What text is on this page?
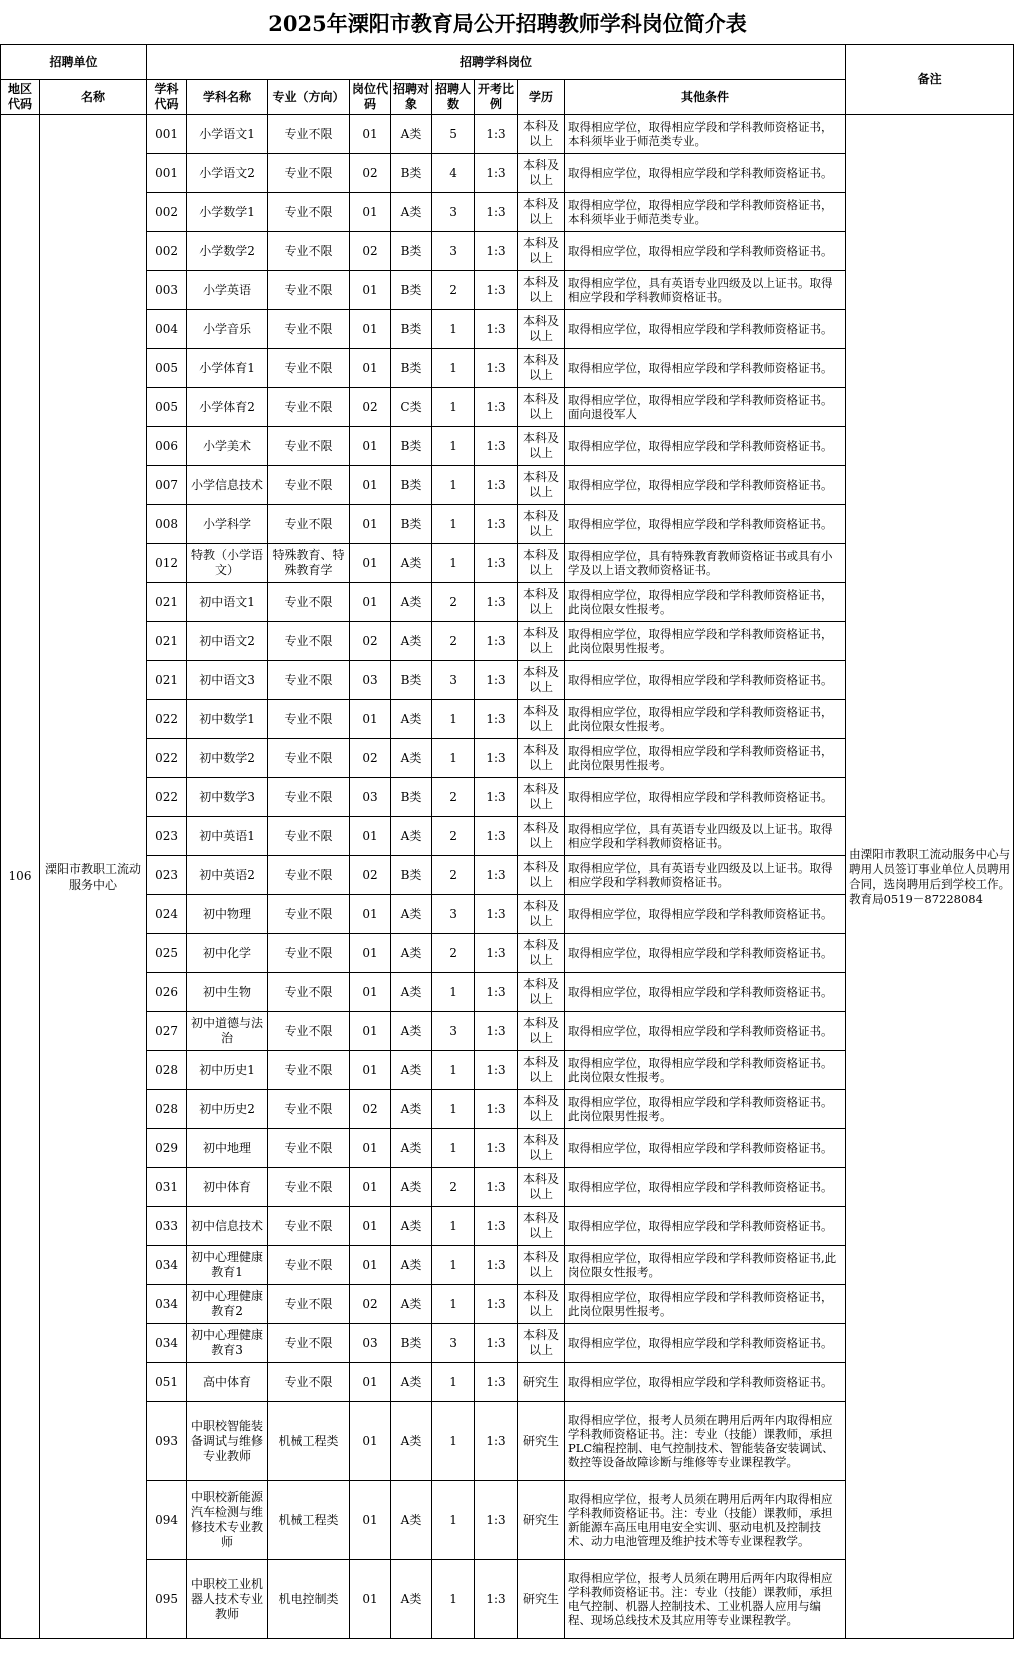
2025年溧阳市教育局公开招聘教师学科岗位简介表
招聘单位		招聘学科岗位									备注
地区代码	名称	学科代码	学科名称	专业（方向）	岗位代码	招聘对象	招聘人数	开考比例	学历	其他条件	
106	溧阳市教职工流动服务中心	001	小学语文1	专业不限	01	A类	5	1:3	本科及以上	取得相应学位，取得相应学段和学科教师资格证书，本科须毕业于师范类专业。	由溧阳市教职工流动服务中心与聘用人员签订事业单位人员聘用合同，选岗聘用后到学校工作。教育局0519－87228084
		001	小学语文2	专业不限	02	B类	4	1:3	本科及以上	取得相应学位，取得相应学段和学科教师资格证书。	
		002	小学数学1	专业不限	01	A类	3	1:3	本科及以上	取得相应学位，取得相应学段和学科教师资格证书，本科须毕业于师范类专业。	
		002	小学数学2	专业不限	02	B类	3	1:3	本科及以上	取得相应学位，取得相应学段和学科教师资格证书。	
		003	小学英语	专业不限	01	B类	2	1:3	本科及以上	取得相应学位，具有英语专业四级及以上证书。取得相应学段和学科教师资格证书。	
		004	小学音乐	专业不限	01	B类	1	1:3	本科及以上	取得相应学位，取得相应学段和学科教师资格证书。	
		005	小学体育1	专业不限	01	B类	1	1:3	本科及以上	取得相应学位，取得相应学段和学科教师资格证书。	
		005	小学体育2	专业不限	02	C类	1	1:3	本科及以上	取得相应学位，取得相应学段和学科教师资格证书。面向退役军人	
		006	小学美术	专业不限	01	B类	1	1:3	本科及以上	取得相应学位，取得相应学段和学科教师资格证书。	
		007	小学信息技术	专业不限	01	B类	1	1:3	本科及以上	取得相应学位，取得相应学段和学科教师资格证书。	
		008	小学科学	专业不限	01	B类	1	1:3	本科及以上	取得相应学位，取得相应学段和学科教师资格证书。	
		012	特教（小学语文）	特殊教育、特殊教育学	01	A类	1	1:3	本科及以上	取得相应学位，具有特殊教育教师资格证书或具有小学及以上语文教师资格证书。	
		021	初中语文1	专业不限	01	A类	2	1:3	本科及以上	取得相应学位，取得相应学段和学科教师资格证书，此岗位限女性报考。	
		021	初中语文2	专业不限	02	A类	2	1:3	本科及以上	取得相应学位，取得相应学段和学科教师资格证书，此岗位限男性报考。	
		021	初中语文3	专业不限	03	B类	3	1:3	本科及以上	取得相应学位，取得相应学段和学科教师资格证书。	
		022	初中数学1	专业不限	01	A类	1	1:3	本科及以上	取得相应学位，取得相应学段和学科教师资格证书，此岗位限女性报考。	
		022	初中数学2	专业不限	02	A类	1	1:3	本科及以上	取得相应学位，取得相应学段和学科教师资格证书，此岗位限男性报考。	
		022	初中数学3	专业不限	03	B类	2	1:3	本科及以上	取得相应学位，取得相应学段和学科教师资格证书。	
		023	初中英语1	专业不限	01	A类	2	1:3	本科及以上	取得相应学位，具有英语专业四级及以上证书。取得相应学段和学科教师资格证书。	
		023	初中英语2	专业不限	02	B类	2	1:3	本科及以上	取得相应学位，具有英语专业四级及以上证书。取得相应学段和学科教师资格证书。	
		024	初中物理	专业不限	01	A类	3	1:3	本科及以上	取得相应学位，取得相应学段和学科教师资格证书。	
		025	初中化学	专业不限	01	A类	2	1:3	本科及以上	取得相应学位，取得相应学段和学科教师资格证书。	
		026	初中生物	专业不限	01	A类	1	1:3	本科及以上	取得相应学位，取得相应学段和学科教师资格证书。	
		027	初中道德与法治	专业不限	01	A类	3	1:3	本科及以上	取得相应学位，取得相应学段和学科教师资格证书。	
		028	初中历史1	专业不限	01	A类	1	1:3	本科及以上	取得相应学位，取得相应学段和学科教师资格证书。此岗位限女性报考。	
		028	初中历史2	专业不限	02	A类	1	1:3	本科及以上	取得相应学位，取得相应学段和学科教师资格证书。此岗位限男性报考。	
		029	初中地理	专业不限	01	A类	1	1:3	本科及以上	取得相应学位，取得相应学段和学科教师资格证书。	
		031	初中体育	专业不限	01	A类	2	1:3	本科及以上	取得相应学位，取得相应学段和学科教师资格证书。	
		033	初中信息技术	专业不限	01	A类	1	1:3	本科及以上	取得相应学位，取得相应学段和学科教师资格证书。	
		034	初中心理健康教育1	专业不限	01	A类	1	1:3	本科及以上	取得相应学位，取得相应学段和学科教师资格证书,此岗位限女性报考。	
		034	初中心理健康教育2	专业不限	02	A类	1	1:3	本科及以上	取得相应学位，取得相应学段和学科教师资格证书，此岗位限男性报考。	
		034	初中心理健康教育3	专业不限	03	B类	3	1:3	本科及以上	取得相应学位，取得相应学段和学科教师资格证书。	
		051	高中体育	专业不限	01	A类	1	1:3	研究生	取得相应学位，取得相应学段和学科教师资格证书。	
		093	中职校智能装备调试与维修专业教师	机械工程类	01	A类	1	1:3	研究生	取得相应学位，报考人员须在聘用后两年内取得相应学科教师资格证书。注：专业（技能）课教师，承担PLC编程控制、电气控制技术、智能装备安装调试、数控等设备故障诊断与维修等专业课程教学。	
		094	中职校新能源汽车检测与维修技术专业教师	机械工程类	01	A类	1	1:3	研究生	取得相应学位，报考人员须在聘用后两年内取得相应学科教师资格证书。注：专业（技能）课教师，承担新能源车高压电用电安全实训、驱动电机及控制技术、动力电池管理及维护技术等专业课程教学。	
		095	中职校工业机器人技术专业教师	机电控制类	01	A类	1	1:3	研究生	取得相应学位，报考人员须在聘用后两年内取得相应学科教师资格证书。注：专业（技能）课教师，承担电气控制、机器人控制技术、工业机器人应用与编程、现场总线技术及其应用等专业课程教学。	
